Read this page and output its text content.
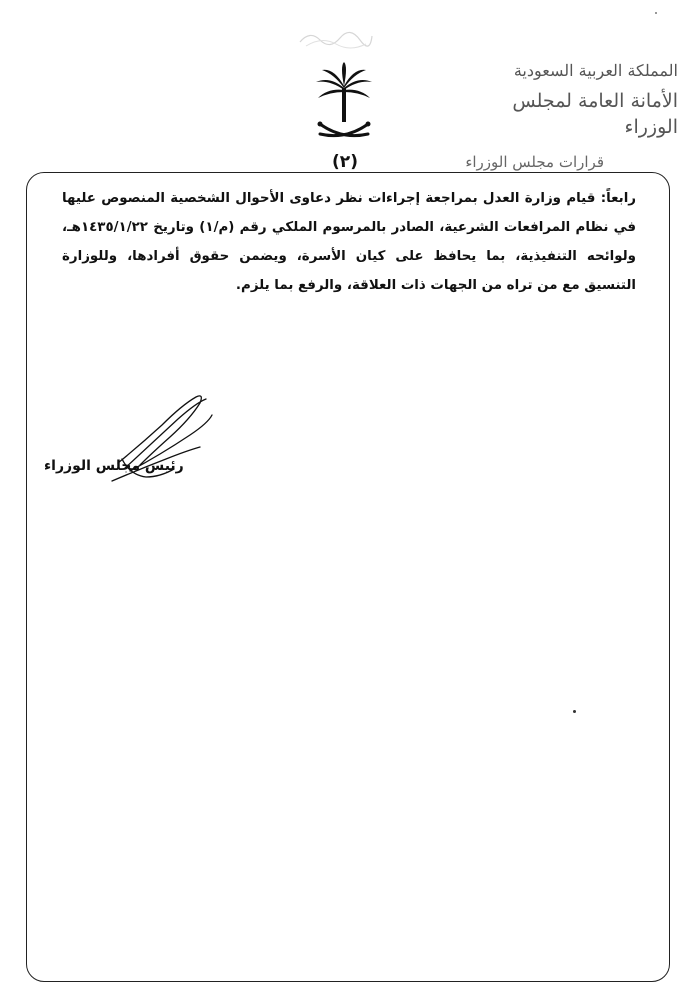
(٢)
المملكة العربية السعودية
الأمانة العامة لمجلس الوزراء
قرارات مجلس الوزراء
رابعاً: قيام وزارة العدل بمراجعة إجراءات نظر دعاوى الأحوال الشخصية المنصوص عليها في نظام المرافعات الشرعية، الصادر بالمرسوم الملكي رقم (م/١) وتاريخ ١٤٣٥/١/٢٢هـ، ولوائحه التنفيذية، بما يحافظ على كيان الأسرة، ويضمن حقوق أفرادها، وللوزارة التنسيق مع من تراه من الجهات ذات العلاقة، والرفع بما يلزم.
رئيس مجلس الوزراء
